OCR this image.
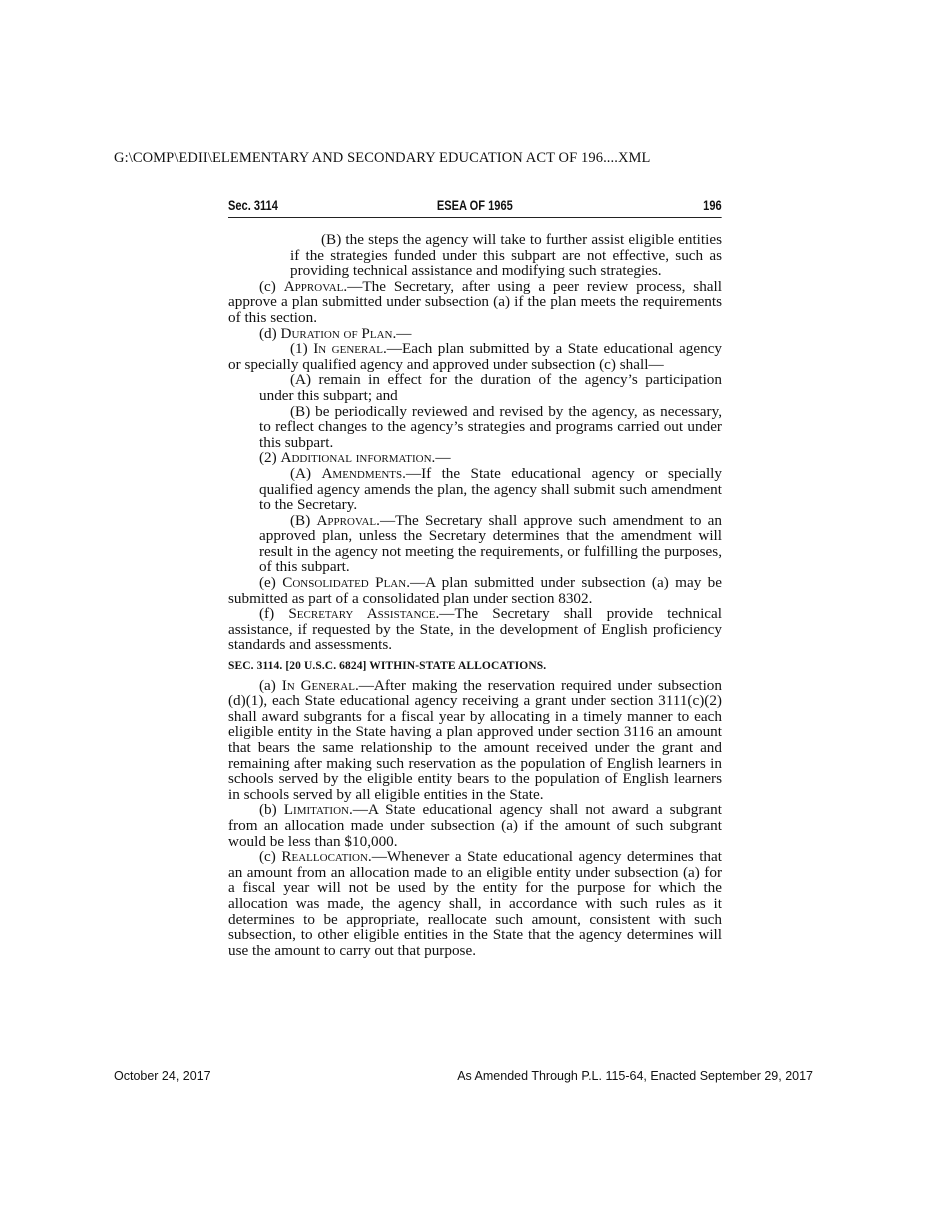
G:\COMP\EDII\ELEMENTARY AND SECONDARY EDUCATION ACT OF 196....XML
Sec. 3114	ESEA OF 1965	196

(B) the steps the agency will take to further assist eligible entities if the strategies funded under this subpart are not effective, such as providing technical assistance and modifying such strategies.

(c) Approval.—The Secretary, after using a peer review process, shall approve a plan submitted under subsection (a) if the plan meets the requirements of this section.

(d) Duration of Plan.—

(1) In general.—Each plan submitted by a State educational agency or specially qualified agency and approved under subsection (c) shall—

(A) remain in effect for the duration of the agency’s participation under this subpart; and

(B) be periodically reviewed and revised by the agency, as necessary, to reflect changes to the agency’s strategies and programs carried out under this subpart.

(2) Additional information.—

(A) Amendments.—If the State educational agency or specially qualified agency amends the plan, the agency shall submit such amendment to the Secretary.

(B) Approval.—The Secretary shall approve such amendment to an approved plan, unless the Secretary determines that the amendment will result in the agency not meeting the requirements, or fulfilling the purposes, of this subpart.

(e) Consolidated Plan.—A plan submitted under subsection (a) may be submitted as part of a consolidated plan under section 8302.

(f) Secretary Assistance.—The Secretary shall provide technical assistance, if requested by the State, in the development of English proficiency standards and assessments.

SEC. 3114. [20 U.S.C. 6824] WITHIN-STATE ALLOCATIONS.

(a) In General.—After making the reservation required under subsection (d)(1), each State educational agency receiving a grant under section 3111(c)(2) shall award subgrants for a fiscal year by allocating in a timely manner to each eligible entity in the State having a plan approved under section 3116 an amount that bears the same relationship to the amount received under the grant and remaining after making such reservation as the population of English learners in schools served by the eligible entity bears to the population of English learners in schools served by all eligible entities in the State.

(b) Limitation.—A State educational agency shall not award a subgrant from an allocation made under subsection (a) if the amount of such subgrant would be less than $10,000.

(c) Reallocation.—Whenever a State educational agency determines that an amount from an allocation made to an eligible entity under subsection (a) for a fiscal year will not be used by the entity for the purpose for which the allocation was made, the agency shall, in accordance with such rules as it determines to be appropriate, reallocate such amount, consistent with such subsection, to other eligible entities in the State that the agency determines will use the amount to carry out that purpose.

October 24, 2017	As Amended Through P.L. 115-64, Enacted September 29, 2017
